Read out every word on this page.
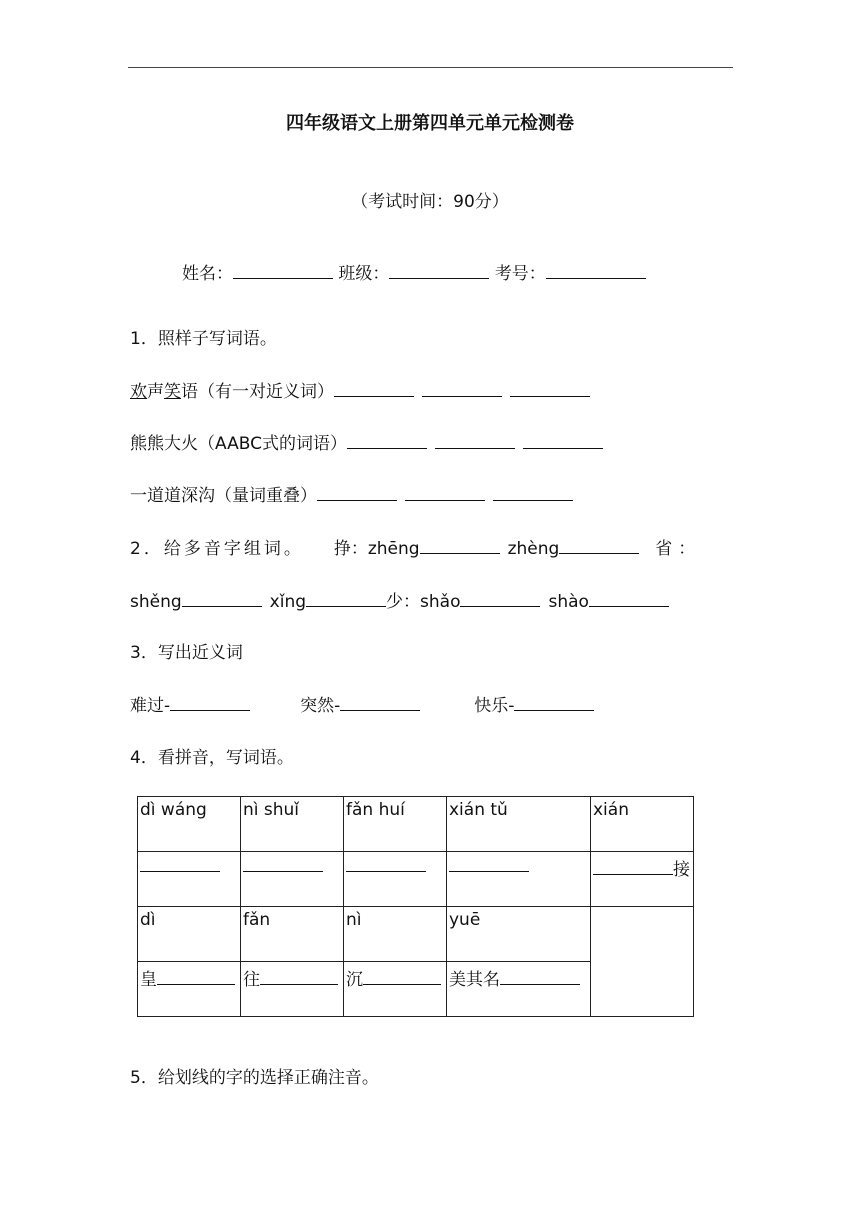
四年级语文上册第四单元单元检测卷
（考试时间：90分）
姓名：	班级：	考号：
1．照样子写词语。
欢声笑语（有一对近义词）
熊熊大火（AABC式的词语）
一道道深沟（量词重叠）
2．给多音字组词。 挣：zhēng	zhèng	省：
shěng	xǐng	少：shǎo	shào
3．写出近义词
难过-	突然-	快乐-
4．看拼音，写词语。
dì wáng	nì shuǐ	fǎn huí	xián tǔ	xián
				接
dì	fǎn	nì	yuē	
皇	往	沉	美其名	
5．给划线的字的选择正确注音。
